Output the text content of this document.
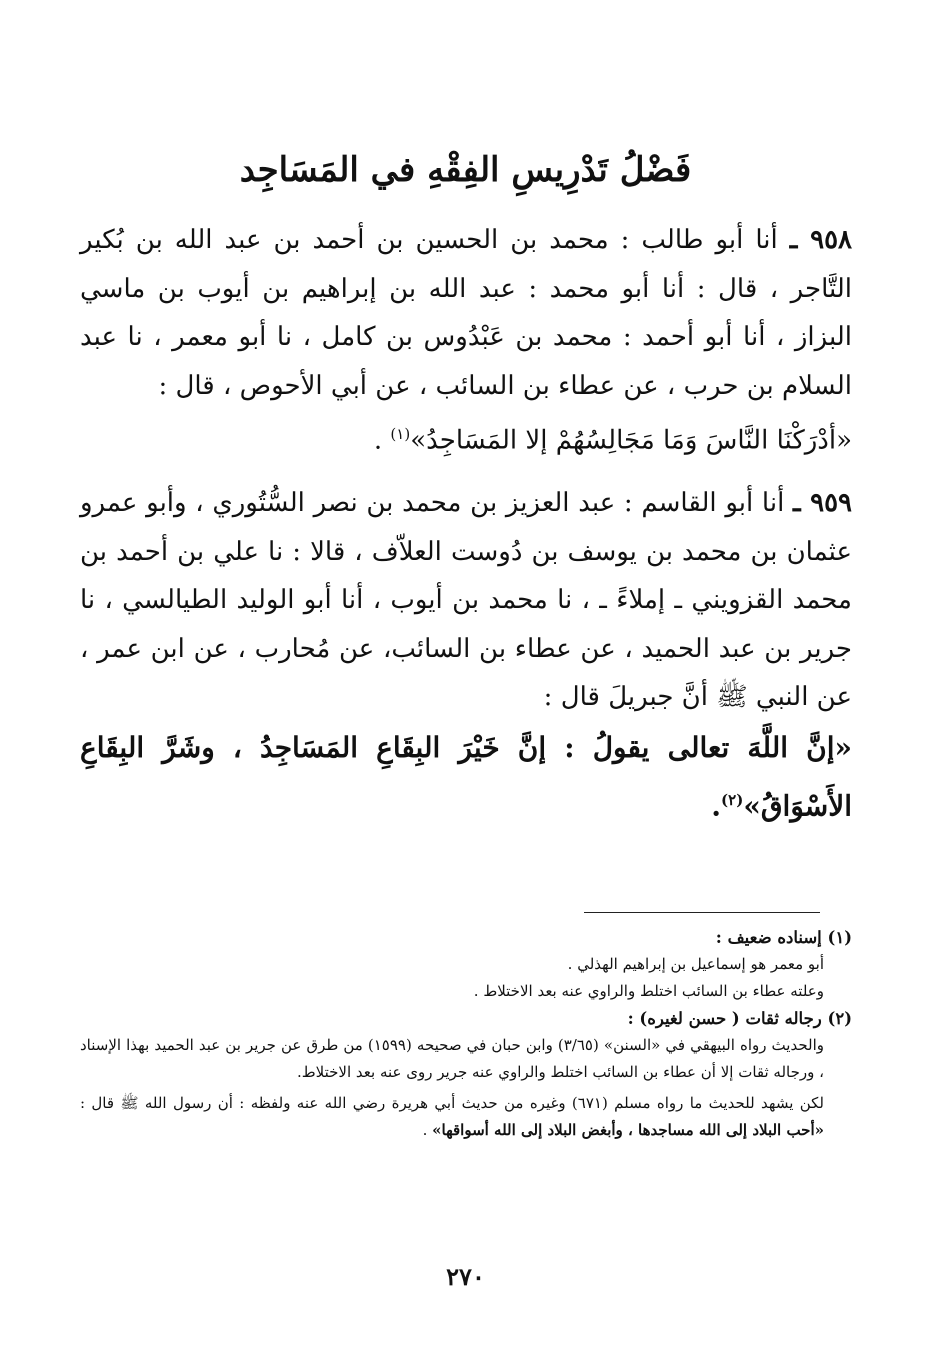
فَضْلُ تَدْرِيسِ الفِقْهِ في المَسَاجِد

٩٥٨ ـ أنا أبو طالب : محمد بن الحسين بن أحمد بن عبد الله بن بُكير التَّاجر ، قال : أنا أبو محمد : عبد الله بن إبراهيم بن أيوب بن ماسي البزاز ، أنا أبو أحمد : محمد بن عَبْدُوس بن كامل ، نا أبو معمر ، نا عبد السلام بن حرب ، عن عطاء بن السائب ، عن أبي الأحوص ، قال :

«أدْرَكْنَا النَّاسَ وَمَا مَجَالِسُهُمْ إلا المَسَاجِدُ»$^{(١)}$ .

٩٥٩ ـ أنا أبو القاسم : عبد العزيز بن محمد بن نصر السُّتُوري ، وأبو عمرو عثمان بن محمد بن يوسف بن دُوست العلاّف ، قالا : نا علي بن أحمد بن محمد القزويني ـ إملاءً ـ ، نا محمد بن أيوب ، أنا أبو الوليد الطيالسي ، نا جرير بن عبد الحميد ، عن عطاء بن السائب، عن مُحارب ، عن ابن عمر ، عن النبي ﷺ أنَّ جبريلَ قال :

«إنَّ اللَّهَ تعالى يقولُ : إنَّ خَيْرَ البِقَاعِ المَسَاجِدُ ، وشَرَّ البِقَاعِ الأَسْوَاقُ»$^{(٢)}$.

(١) إسناده ضعيف :

أبو معمر هو إسماعيل بن إبراهيم الهذلي .

وعلته عطاء بن السائب اختلط والراوي عنه بعد الاختلاط .

(٢) رجاله ثقات ( حسن لغيره) :

والحديث رواه البيهقي في «السنن» (٣/٦٥) وابن حبان في صحيحه (١٥٩٩) من طرق عن جرير بن عبد الحميد بهذا الإسناد ، ورجاله ثقات إلا أن عطاء بن السائب اختلط والراوي عنه جرير روى عنه بعد الاختلاط.

لكن يشهد للحديث ما رواه مسلم (٦٧١) وغيره من حديث أبي هريرة رضي الله عنه ولفظه : أن رسول الله ﷺ قال : «أحب البلاد إلى الله مساجدها ، وأبغض البلاد إلى الله أسواقها» .

٢٧٠
